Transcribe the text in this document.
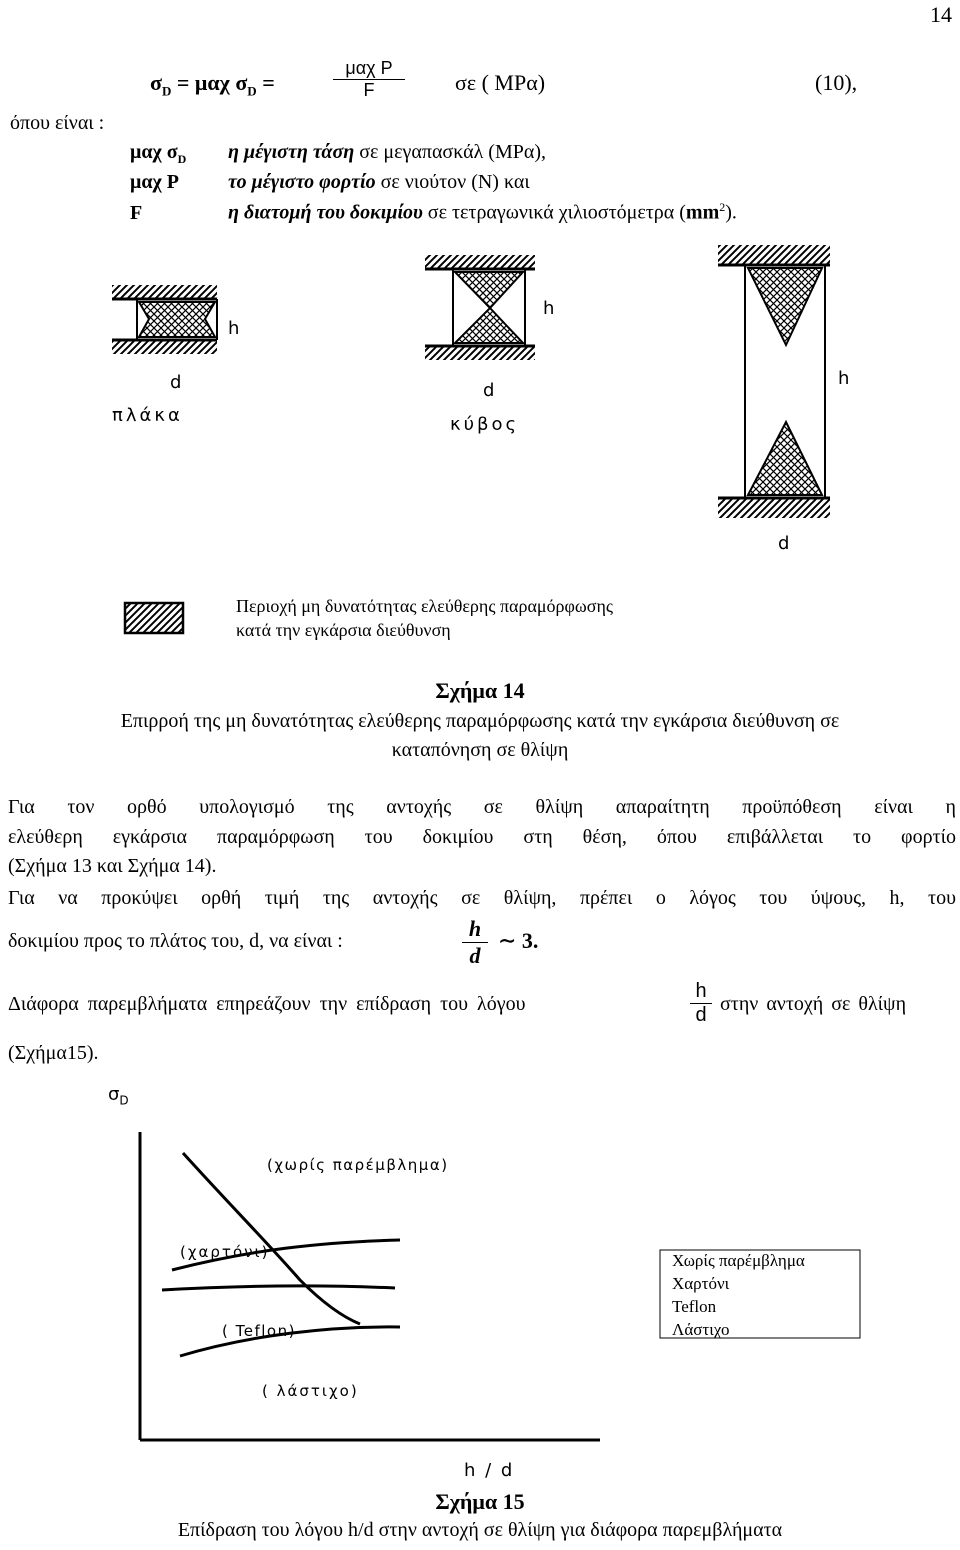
14
$\sigma_D = \mu\alpha\chi$ $\sigma_D$ =
μαχ P
F	σε ( ΜΡα)	(10),
όπου είναι :
μαχ $\sigma_D$ η μέγιστη τάση σε μεγαπασκάλ (ΜΡα),
μαχ P το μέγιστο φορτίο σε νιούτον (Ν) και
F	η διατομή του δοκιμίου σε τετραγωνικά χιλιοστόμετρα $(mm^2)$.
h
d
πλάκα
h
d
κύβος
h
d
Περιοχή μη δυνατότητας ελεύθερης παραμόρφωσης
κατά την εγκάρσια διεύθυνση
Σχήμα 14
Επιρροή της μη δυνατότητας ελεύθερης παραμόρφωσης κατά την εγκάρσια διεύθυνση σε
καταπόνηση σε θλίψη
Για τον ορθό υπολογισμό της αντοχής σε θλίψη απαραίτητη προϋπόθεση είναι η
ελεύθερη εγκάρσια παραμόρφωση του δοκιμίου στη θέση, όπου επιβάλλεται το φορτίο
(Σχήμα 13 και Σχήμα 14).
Για να προκύψει ορθή τιμή της αντοχής σε θλίψη, πρέπει ο λόγος του ύψους, h, του
δοκιμίου προς το πλάτος του, d, να είναι :	h
d
∼ 3.
Διάφορα παρεμβλήματα επηρεάζουν την επίδραση του λόγου
h
d στην αντοχή σε θλίψη
(Σχήμα15).
$\sigma_D$
(χωρίς παρέμβλημα)
(χαρτόνι)
( Teflon)
( λάστιχο)
h / d
Χωρίς παρέμβλημα
Χαρτόνι
Teflon
Λάστιχο
Σχήμα 15
Επίδραση του λόγου h/d στην αντοχή σε θλίψη για διάφορα παρεμβλήματα
